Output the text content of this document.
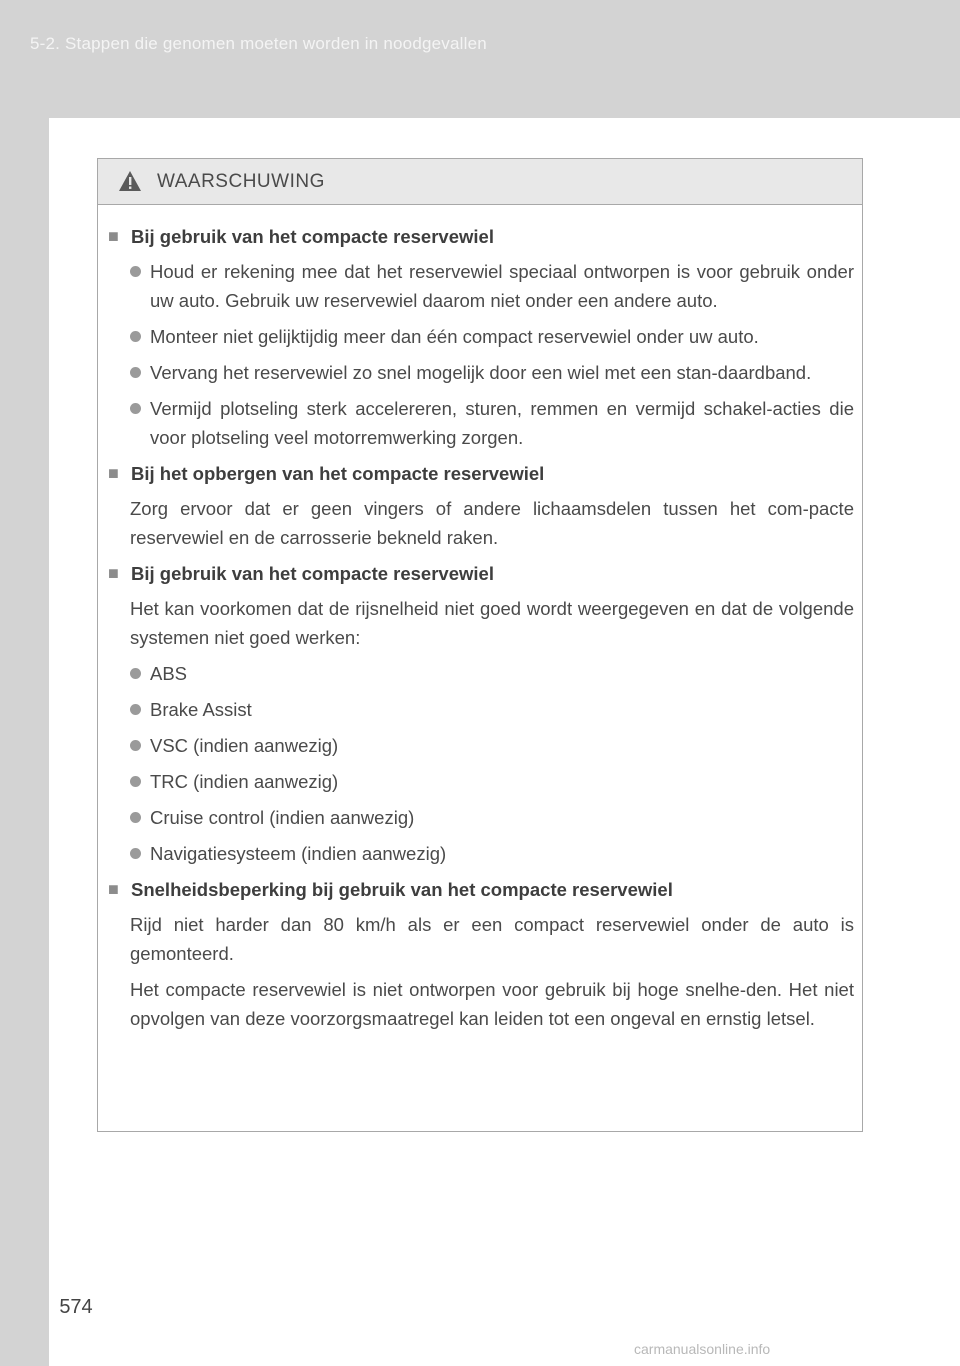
5-2. Stappen die genomen moeten worden in noodgevallen
WAARSCHUWING
■ Bij gebruik van het compacte reservewiel
Houd er rekening mee dat het reservewiel speciaal ontworpen is voor gebruik onder uw auto. Gebruik uw reservewiel daarom niet onder een andere auto.
Monteer niet gelijktijdig meer dan één compact reservewiel onder uw auto.
Vervang het reservewiel zo snel mogelijk door een wiel met een stan-daardband.
Vermijd plotseling sterk accelereren, sturen, remmen en vermijd schakel-acties die voor plotseling veel motorremwerking zorgen.
■ Bij het opbergen van het compacte reservewiel
Zorg ervoor dat er geen vingers of andere lichaamsdelen tussen het com-pacte reservewiel en de carrosserie bekneld raken.
■ Bij gebruik van het compacte reservewiel
Het kan voorkomen dat de rijsnelheid niet goed wordt weergegeven en dat de volgende systemen niet goed werken:
ABS
Brake Assist
VSC (indien aanwezig)
TRC (indien aanwezig)
Cruise control (indien aanwezig)
Navigatiesysteem (indien aanwezig)
■ Snelheidsbeperking bij gebruik van het compacte reservewiel
Rijd niet harder dan 80 km/h als er een compact reservewiel onder de auto is gemonteerd.
Het compacte reservewiel is niet ontworpen voor gebruik bij hoge snelhe-den. Het niet opvolgen van deze voorzorgsmaatregel kan leiden tot een ongeval en ernstig letsel.
574
carmanualsonline.info
